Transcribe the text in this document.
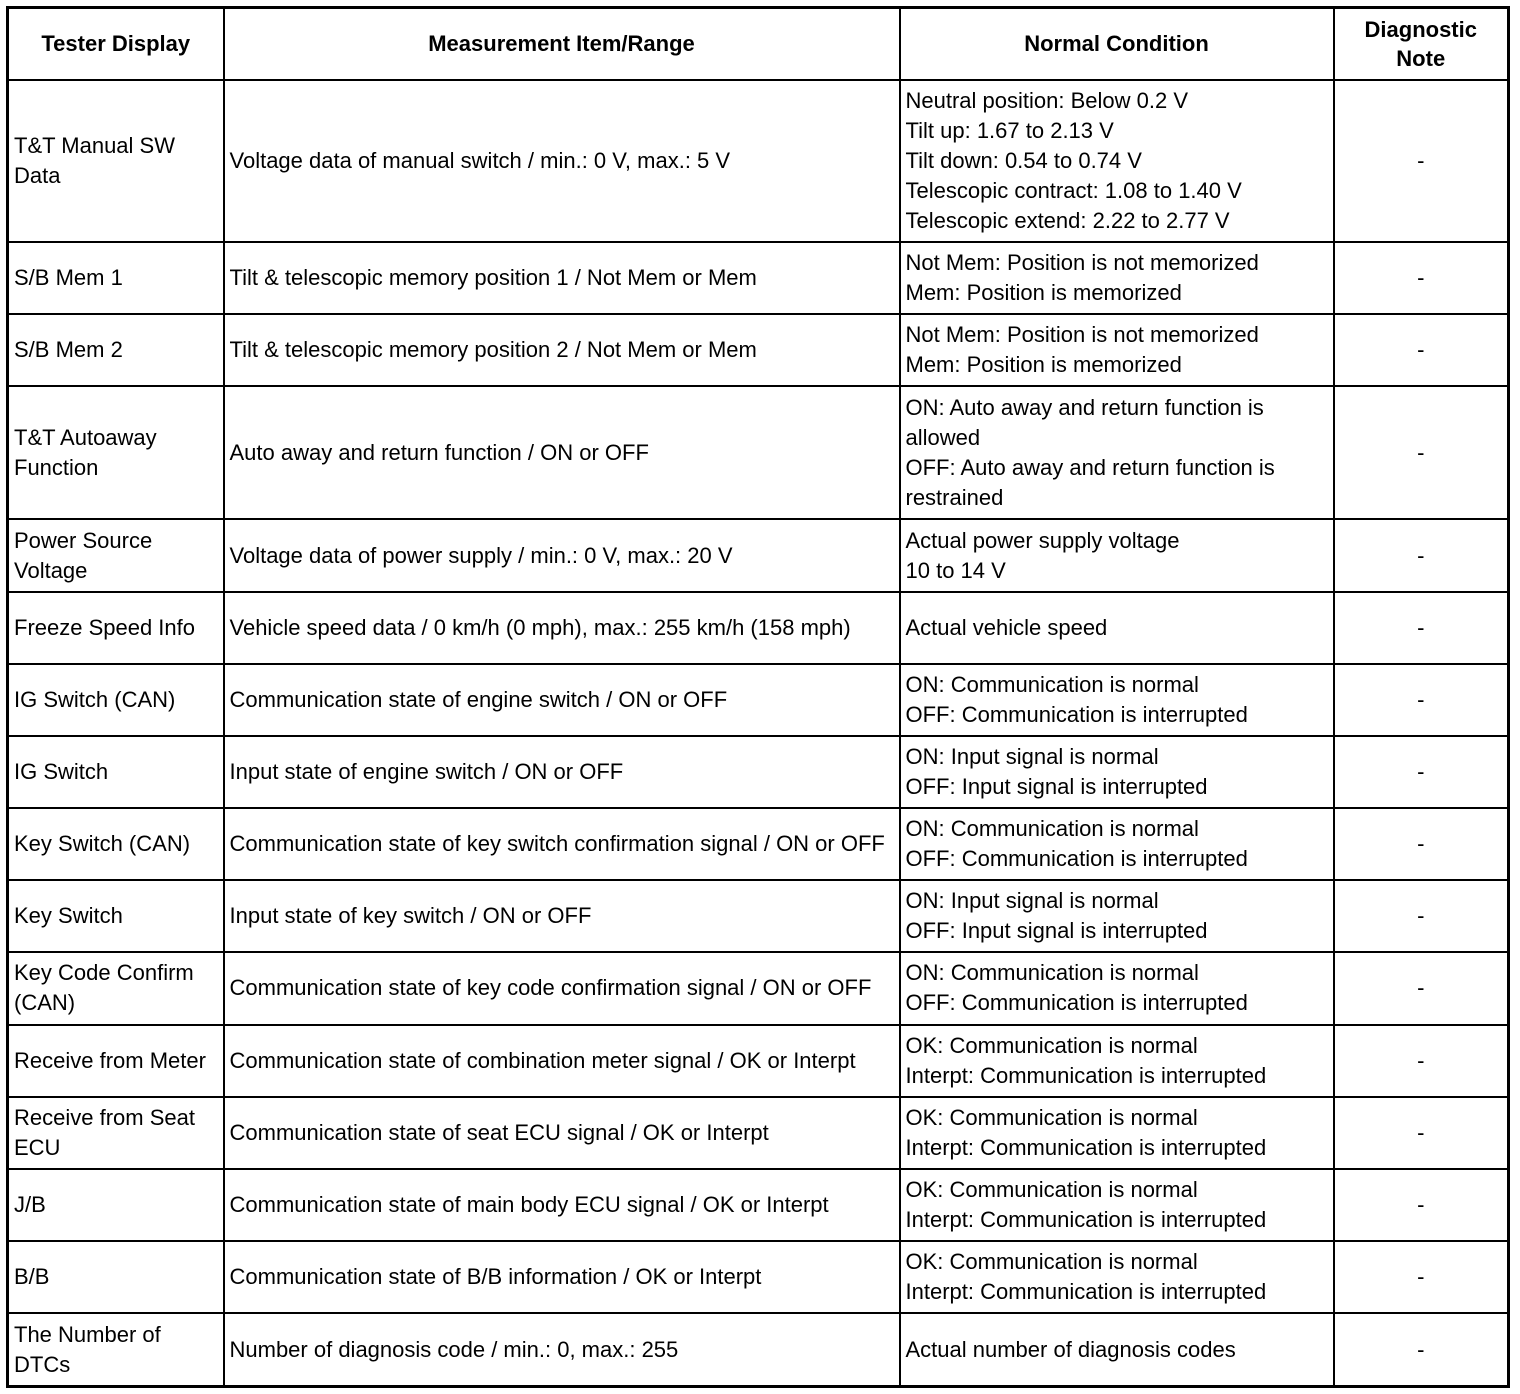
Tester Display	Measurement Item/Range	Normal Condition	Diagnostic Note
T&T Manual SW Data	Voltage data of manual switch / min.: 0 V, max.: 5 V	Neutral position: Below 0.2 V
Tilt up: 1.67 to 2.13 V
Tilt down: 0.54 to 0.74 V
Telescopic contract: 1.08 to 1.40 V
Telescopic extend: 2.22 to 2.77 V	-
S/B Mem 1	Tilt & telescopic memory position 1 / Not Mem or Mem	Not Mem: Position is not memorized
Mem: Position is memorized	-
S/B Mem 2	Tilt & telescopic memory position 2 / Not Mem or Mem	Not Mem: Position is not memorized
Mem: Position is memorized	-
T&T Autoaway Function	Auto away and return function / ON or OFF	ON: Auto away and return function is allowed
OFF: Auto away and return function is restrained	-
Power Source Voltage	Voltage data of power supply / min.: 0 V, max.: 20 V	Actual power supply voltage
10 to 14 V	-
Freeze Speed Info	Vehicle speed data / 0 km/h (0 mph), max.: 255 km/h (158 mph)	Actual vehicle speed	-
IG Switch (CAN)	Communication state of engine switch / ON or OFF	ON: Communication is normal
OFF: Communication is interrupted	-
IG Switch	Input state of engine switch / ON or OFF	ON: Input signal is normal
OFF: Input signal is interrupted	-
Key Switch (CAN)	Communication state of key switch confirmation signal / ON or OFF	ON: Communication is normal
OFF: Communication is interrupted	-
Key Switch	Input state of key switch / ON or OFF	ON: Input signal is normal
OFF: Input signal is interrupted	-
Key Code Confirm (CAN)	Communication state of key code confirmation signal / ON or OFF	ON: Communication is normal
OFF: Communication is interrupted	-
Receive from Meter	Communication state of combination meter signal / OK or Interpt	OK: Communication is normal
Interpt: Communication is interrupted	-
Receive from Seat ECU	Communication state of seat ECU signal / OK or Interpt	OK: Communication is normal
Interpt: Communication is interrupted	-
J/B	Communication state of main body ECU signal / OK or Interpt	OK: Communication is normal
Interpt: Communication is interrupted	-
B/B	Communication state of B/B information / OK or Interpt	OK: Communication is normal
Interpt: Communication is interrupted	-
The Number of DTCs	Number of diagnosis code / min.: 0, max.: 255	Actual number of diagnosis codes	-
